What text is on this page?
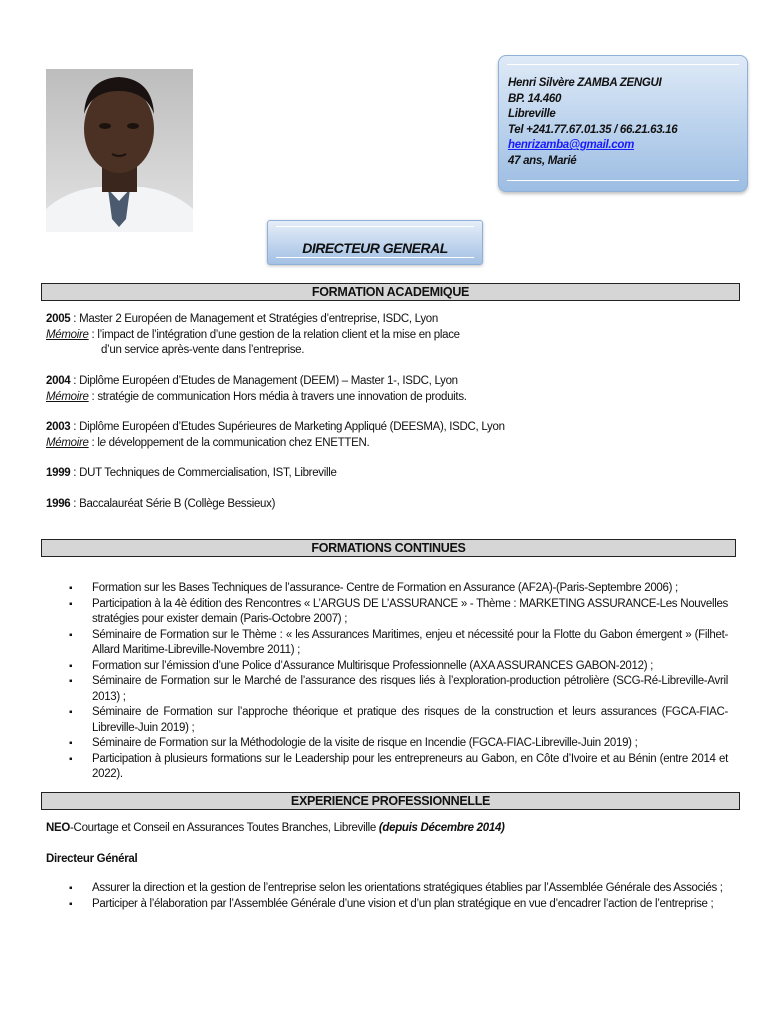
Henri Silvère ZAMBA ZENGUI
BP. 14.460
Libreville
Tel +241.77.67.01.35 / 66.21.63.16
henrizamba@gmail.com
47 ans, Marié
DIRECTEUR GENERAL
FORMATION ACADEMIQUE
2005 : Master 2 Européen de Management et Stratégies d’entreprise, ISDC, Lyon
Mémoire : l’impact de l’intégration d’une gestion de la relation client et la mise en place
d’un service après-vente dans l’entreprise.
2004 : Diplôme Européen d’Etudes de Management (DEEM) – Master 1-, ISDC, Lyon
Mémoire : stratégie de communication Hors média à travers une innovation de produits.
2003 : Diplôme Européen d’Etudes Supérieures de Marketing Appliqué (DEESMA), ISDC, Lyon
Mémoire : le développement de la communication chez ENETTEN.
1999 : DUT Techniques de Commercialisation, IST, Libreville
1996 : Baccalauréat Série B (Collège Bessieux)
FORMATIONS CONTINUES
▪ Formation sur les Bases Techniques de l’assurance- Centre de Formation en Assurance (AF2A)-(Paris-Septembre 2006) ;
▪ Participation à la 4è édition des Rencontres « L’ARGUS DE L’ASSURANCE » - Thème : MARKETING ASSURANCE-Les Nouvelles stratégies pour exister demain (Paris-Octobre 2007) ;
▪ Séminaire de Formation sur le Thème : « les Assurances Maritimes, enjeu et nécessité pour la Flotte du Gabon émergent » (Filhet-Allard Maritime-Libreville-Novembre 2011) ;
▪ Formation sur l’émission d’une Police d’Assurance Multirisque Professionnelle (AXA ASSURANCES GABON-2012) ;
▪ Séminaire de Formation sur le Marché de l’assurance des risques liés à l’exploration-production pétrolière (SCG-Ré-Libreville-Avril 2013) ;
▪ Séminaire de Formation sur l’approche théorique et pratique des risques de la construction et leurs assurances (FGCA-FIAC-Libreville-Juin 2019) ;
▪ Séminaire de Formation sur la Méthodologie de la visite de risque en Incendie (FGCA-FIAC-Libreville-Juin 2019) ;
▪ Participation à plusieurs formations sur le Leadership pour les entrepreneurs au Gabon, en Côte d’Ivoire et au Bénin (entre 2014 et 2022).
EXPERIENCE PROFESSIONNELLE
NEO-Courtage et Conseil en Assurances Toutes Branches, Libreville (depuis Décembre 2014)
Directeur Général
▪ Assurer la direction et la gestion de l’entreprise selon les orientations stratégiques établies par l’Assemblée Générale des Associés ;
▪ Participer à l’élaboration par l’Assemblée Générale d’une vision et d’un plan stratégique en vue d’encadrer l’action de l’entreprise ;
